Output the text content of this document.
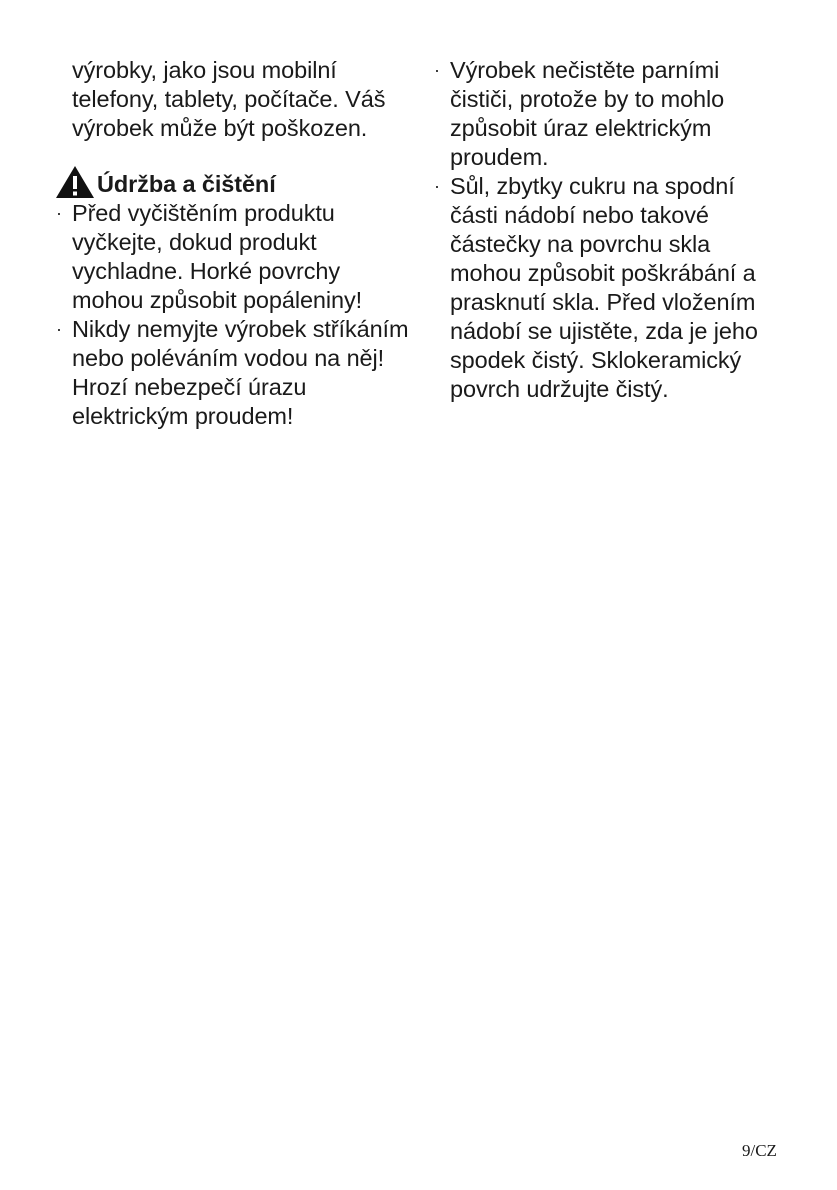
výrobky, jako jsou mobilní telefony, tablety, počítače. Váš výrobek může být poškozen.

Údržba a čištění
· Před vyčištěním produktu vyčkejte, dokud produkt vychladne. Horké povrchy mohou způsobit popáleniny!
· Nikdy nemyjte výrobek stříkáním nebo poléváním vodou na něj! Hrozí nebezpečí úrazu elektrickým proudem!
· Výrobek nečistěte parními čističi, protože by to mohlo způsobit úraz elektrickým proudem.
· Sůl, zbytky cukru na spodní části nádobí nebo takové částečky na povrchu skla mohou způsobit poškrábání a prasknutí skla. Před vložením nádobí se ujistěte, zda je jeho spodek čistý. Sklokeramický povrch udržujte čistý.
9/CZ
